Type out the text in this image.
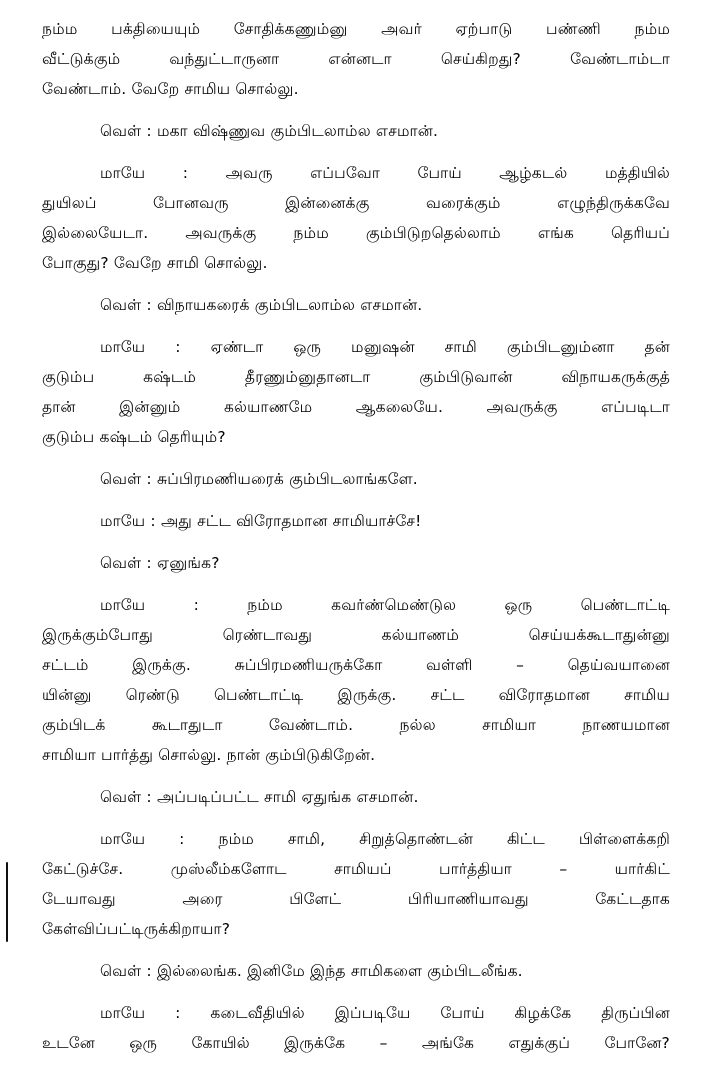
நம்ம பக்தியையும் சோதிக்கணும்னு அவர் ஏற்பாடு பண்ணி நம்ம
வீட்டுக்கும் வந்துட்டாருனா என்னடா செய்கிறது? வேண்டாம்டா
வேண்டாம். வேறே சாமிய சொல்லு.

வெள் : மகா விஷ்ணுவ கும்பிடலாம்ல எசமான்.

மாயே : அவரு எப்பவோ போய் ஆழ்கடல் மத்தியில்
துயிலப் போனவரு இன்னைக்கு வரைக்கும் எழுந்திருக்கவே
இல்லையேடா. அவருக்கு நம்ம கும்பிடுறதெல்லாம் எங்க தெரியப்
போகுது? வேறே சாமி சொல்லு.

வெள் : விநாயகரைக் கும்பிடலாம்ல எசமான்.

மாயே : ஏண்டா ஒரு மனுஷன் சாமி கும்பிடனும்னா தன்
குடும்ப கஷ்டம் தீரணும்னுதானடா கும்பிடுவான் விநாயகருக்குத்
தான் இன்னும் கல்யாணமே ஆகலையே. அவருக்கு எப்படிடா
குடும்ப கஷ்டம் தெரியும்?

வெள் : சுப்பிரமணியரைக் கும்பிடலாங்களே.

மாயே : அது சட்ட விரோதமான சாமியாச்சே!

வெள் : ஏனுங்க?

மாயே : நம்ம கவர்ண்மெண்டுல ஒரு பெண்டாட்டி
இருக்கும்போது ரெண்டாவது கல்யாணம் செய்யக்கூடாதுன்னு
சட்டம் இருக்கு. சுப்பிரமணியருக்கோ வள்ளி – தெய்வயானை
யின்னு ரெண்டு பெண்டாட்டி இருக்கு. சட்ட விரோதமான சாமிய
கும்பிடக் கூடாதுடா வேண்டாம். நல்ல சாமியா நாணயமான
சாமியா பார்த்து சொல்லு. நான் கும்பிடுகிறேன்.

வெள் : அப்படிப்பட்ட சாமி ஏதுங்க எசமான்.

மாயே : நம்ம சாமி, சிறுத்தொண்டன் கிட்ட பிள்ளைக்கறி
கேட்டுச்சே. முஸ்லீம்களோட சாமியப் பார்த்தியா – யார்கிட்
டேயாவது அரை பிளேட் பிரியாணியாவது கேட்டதாக
கேள்விப்பட்டிருக்கிறாயா?

வெள் : இல்லைங்க. இனிமே இந்த சாமிகளை கும்பிடலீங்க.

மாயே : கடைவீதியில் இப்படியே போய் கிழக்கே திருப்பின
உடனே ஒரு கோயில் இருக்கே – அங்கே எதுக்குப் போனே?
